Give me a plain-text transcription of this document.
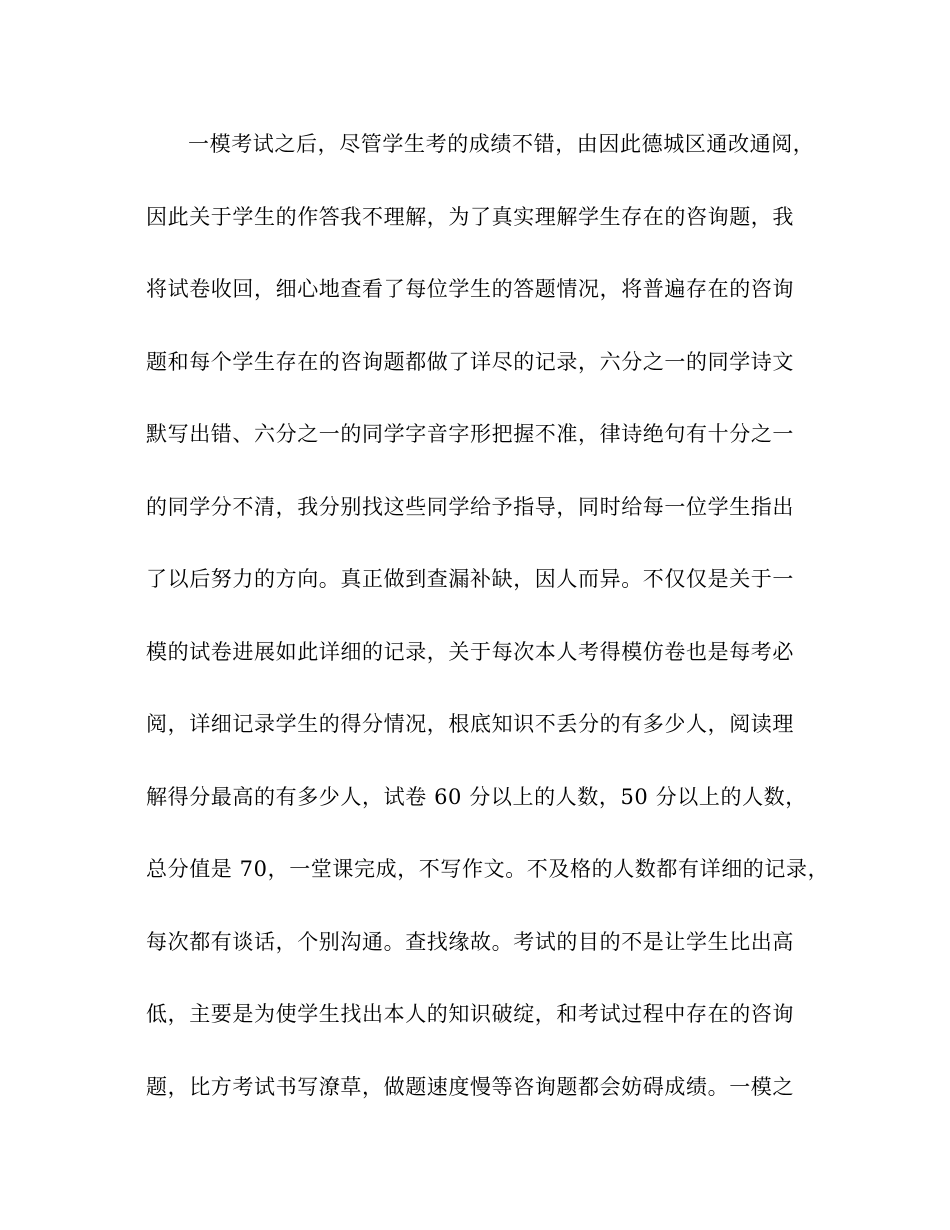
一模考试之后，尽管学生考的成绩不错，由因此德城区通改通阅，
因此关于学生的作答我不理解，为了真实理解学生存在的咨询题，我
将试卷收回，细心地查看了每位学生的答题情况，将普遍存在的咨询
题和每个学生存在的咨询题都做了详尽的记录，六分之一的同学诗文
默写出错、六分之一的同学字音字形把握不准，律诗绝句有十分之一
的同学分不清，我分别找这些同学给予指导，同时给每一位学生指出
了以后努力的方向。真正做到查漏补缺，因人而异。不仅仅是关于一
模的试卷进展如此详细的记录，关于每次本人考得模仿卷也是每考必
阅，详细记录学生的得分情况，根底知识不丢分的有多少人，阅读理
解得分最高的有多少人，试卷 60 分以上的人数，50 分以上的人数，
总分值是 70，一堂课完成，不写作文。不及格的人数都有详细的记录，
每次都有谈话，个别沟通。查找缘故。考试的目的不是让学生比出高
低，主要是为使学生找出本人的知识破绽，和考试过程中存在的咨询
题，比方考试书写潦草，做题速度慢等咨询题都会妨碍成绩。一模之
